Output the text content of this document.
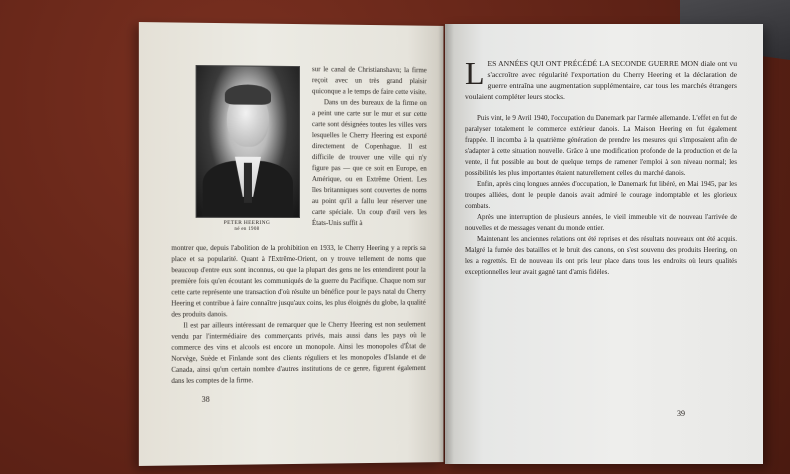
PETER HEERING
né en 1908

sur le canal de Christianshavn; la firme reçoit avec un très grand plaisir quiconque a le temps de faire cette visite.

Dans un des bureaux de la firme on a peint une carte sur le mur et sur cette carte sont désignées toutes les villes vers lesquelles le Cherry Heering est exporté directement de Copenhague. Il est difficile de trouver une ville qui n'y figure pas — que ce soit en Europe, en Amérique, ou en Extrême Orient. Les îles britanniques sont couvertes de noms au point qu'il a fallu leur réserver une carte spéciale. Un coup d'œil vers les États-Unis suffit à

montrer que, depuis l'abolition de la prohibition en 1933, le Cherry Heering y a repris sa place et sa popularité. Quant à l'Extrême-Orient, on y trouve tellement de noms que beaucoup d'entre eux sont inconnus, ou que la plupart des gens ne les entendirent pour la première fois qu'en écoutant les communiqués de la guerre du Pacifique. Chaque nom sur cette carte représente une transaction d'où résulte un bénéfice pour le pays natal du Cherry Heering et contribue à faire connaître jusqu'aux coins, les plus éloignés du globe, la qualité des produits danois.

Il est par ailleurs intéressant de remarquer que le Cherry Heering est non seulement vendu par l'intermédiaire des commerçants privés, mais aussi dans les pays où le commerce des vins et alcools est encore un monopole. Ainsi les monopoles d'État de Norvège, Suède et Finlande sont des clients réguliers et les monopoles d'Islande et de Canada, ainsi qu'un certain nombre d'autres institutions de ce genre, figurent également dans les comptes de la firme.

38
LES ANNÉES QUI ONT PRÉCÉDÉ LA SECONDE GUERRE MON diale ont vu s'accroître avec régularité l'exportation du Cherry Heering et la déclaration de guerre entraîna une augmentation supplémentaire, car tous les marchés étrangers voulaient compléter leurs stocks.

Puis vint, le 9 Avril 1940, l'occupation du Danemark par l'armée allemande. L'effet en fut de paralyser totalement le commerce extérieur danois. La Maison Heering en fut également frappée. Il incomba à la quatrième génération de prendre les mesures qui s'imposaient afin de s'adapter à cette situation nouvelle. Grâce à une modification profonde de la production et de la vente, il fut possible au bout de quelque temps de ramener l'emploi à son niveau normal; les possibilités les plus importantes étaient naturellement celles du marché danois.

Enfin, après cinq longues années d'occupation, le Danemark fut libéré, en Mai 1945, par les troupes alliées, dont le peuple danois avait admiré le courage indomptable et les glorieux combats.

Après une interruption de plusieurs années, le vieil immeuble vit de nouveau l'arrivée de nouvelles et de messages venant du monde entier.

Maintenant les anciennes relations ont été reprises et des résultats nouveaux ont été acquis. Malgré la fumée des batailles et le bruit des canons, on s'est souvenu des produits Heering, on les a regrettés. Et de nouveau ils ont pris leur place dans tous les endroits où leurs qualités exceptionnelles leur avait gagné tant d'amis fidèles.

39
